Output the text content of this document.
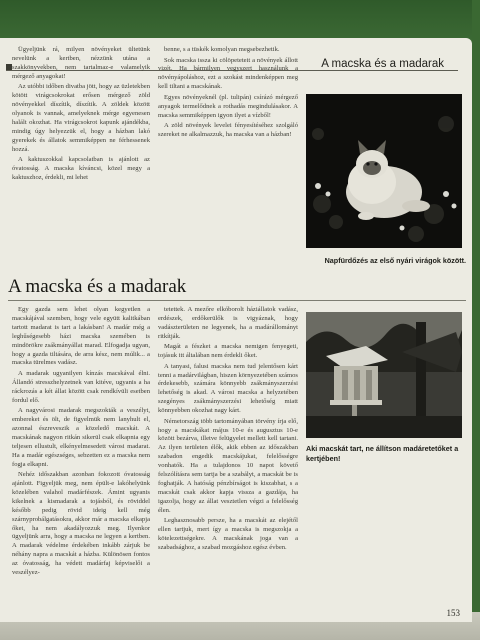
A macska és a madarak

Ügyeljünk rá, milyen növényeket ültetünk nevelünk a kertben, nézzünk utána a szakkönyvekben, nem tartalmaz-e valamelyik mérgező anyagokat!

Az utóbbi időben divatba jött, hogy az üzletekben kötött virágcsokrokat erősen mérgező zöld növényekkel díszítik, díszítik. A zöldek között olyanok is vannak, amelyeknek mérge egyenesen halált okozhat. Ha virágcsokrot kapunk ajándékba, mindig úgy helyezzük el, hogy a házban lakó gyerekek és állatok semmiképpen ne férhessenek hozzá.

A kaktuszokkal kapcsolatban is ajánlott az óvatosság. A macska kíváncsi, közel megy a kaktuszhoz, érdekli, mi lehet

benne, s a tüskék komolyan megsebezhetik.

Sok macska issza ki cölöpeteteit a növények állott vizét. Ha bármilyen vegyszert használunk a növényápoláshoz, ezt a szokást mindenképpen meg kell tiltani a macskának.

Egyes növényeknél (pl. tulipán) csírázó mérgező anyagok termelődnek a rothadás megindulásakor. A macska semmiképpen igyon ilyet a vízből!

A zöld növények levelei fényesítéséhez szolgáló szereket ne alkalmazzuk, ha macska van a házban!

Napfürdőzés az első nyári virágok között.
A macska és a madarak

Egy gazda sem lehet olyan kegyetlen a macskájával szemben, hogy vele együtt kalitkában tartott madarat is tart a lakásban! A madár még a leghűségesebb házi macska szemében is mindörökre zsákmányállat marad. Elfogadja ugyan, hogy a gazda tiltására, de arra kész, nem múlik... a macska türelmes vadász.

A madarak ugyanilyen kínzás macskával élni. Állandó stresszhelyzetnek van kitéve, ugyanis a ha ráckrozás a két állat között csak rendkívüli esetben fordul elő.

A nagyvárosi madarak megszokták a veszélyt, embereket és ölt, de figyelmük nem lanyhult el, azonnal észreveszik a közeledő macskát. A macskának nagyon ritkán sikerül csak elkapnia egy teljesen ellustult, elkényelmesedett városi madarat. Ha a madár egészséges, sebzetten ez a macska nem fogja elkapni.

Nehéz időszakban azonban fokozott óvatosság ajánlott. Figyeljük meg, nem épült-e lakóhelyünk közelében valahol madárfészek. Ámint ugyanis kikelnek a kismadarak a tojásból, és röviddel később pedig rövid ideig kell még szárnyprobálgatásokra, akkor már a macska elkapja őket, ha nem akadályozzuk meg. Ilyenkor ügyeljünk arra, hogy a macska ne legyen a kertben. A madarak védelme érdekében inkább zárjuk be néhány napra a macskát a házba. Különösen fontos az óvatosság, ha védett madárfaj képviselői a veszélyez-

tetettek. A mezőre elkóborolt háziállatok vadász, erdészek, erdőkerülők is vigyáznak, hogy vadászterületen ne legyenek, ha a madárállományt ritkítják.

Magát a fészket a macska nemigen fenyegeti, tojásuk itt általában nem érdekli őket.

A tanyasi, falusi macska nem tud jelentősen kárt tenni a madárvilágban, hiszen környezetében számos érdekesebb, számára könnyebb zsákmányszerzési lehetőség is akad. A városi macska a helyzetében szegényes zsákmányszerzési lehetőség miatt könnyebben okozhat nagy kárt.

Németország több tartományában törvény írja elő, hogy a macskákat május 10-e és augusztus 10-e között bezárva, illetve felügyelet mellett kell tartani. Az ilyen területen élők, akik ebben az időszakban szabadon engedik macskájukat, felelősségre vonhatók. Ha a tulajdonos 10 napot követő felszólításra sem tartja be a szabályt, a macskát be is foghatják. A hatóság pénzbírságot is kiszabhat, s a macskát csak akkor kapja vissza a gazdája, ha igazolja, hogy az állat vesztetlen végzi a felelősség élen.

Leghasznosabb persze, ha a macskát az elejétől ellen tartjuk, mert így a macska is megszokja a kötelezettségekre. A macskának joga van a szabadsághoz, a szabad mozgáshoz egész évben.

Aki macskát tart, ne állítson madáretetőket a kertjében!
153
